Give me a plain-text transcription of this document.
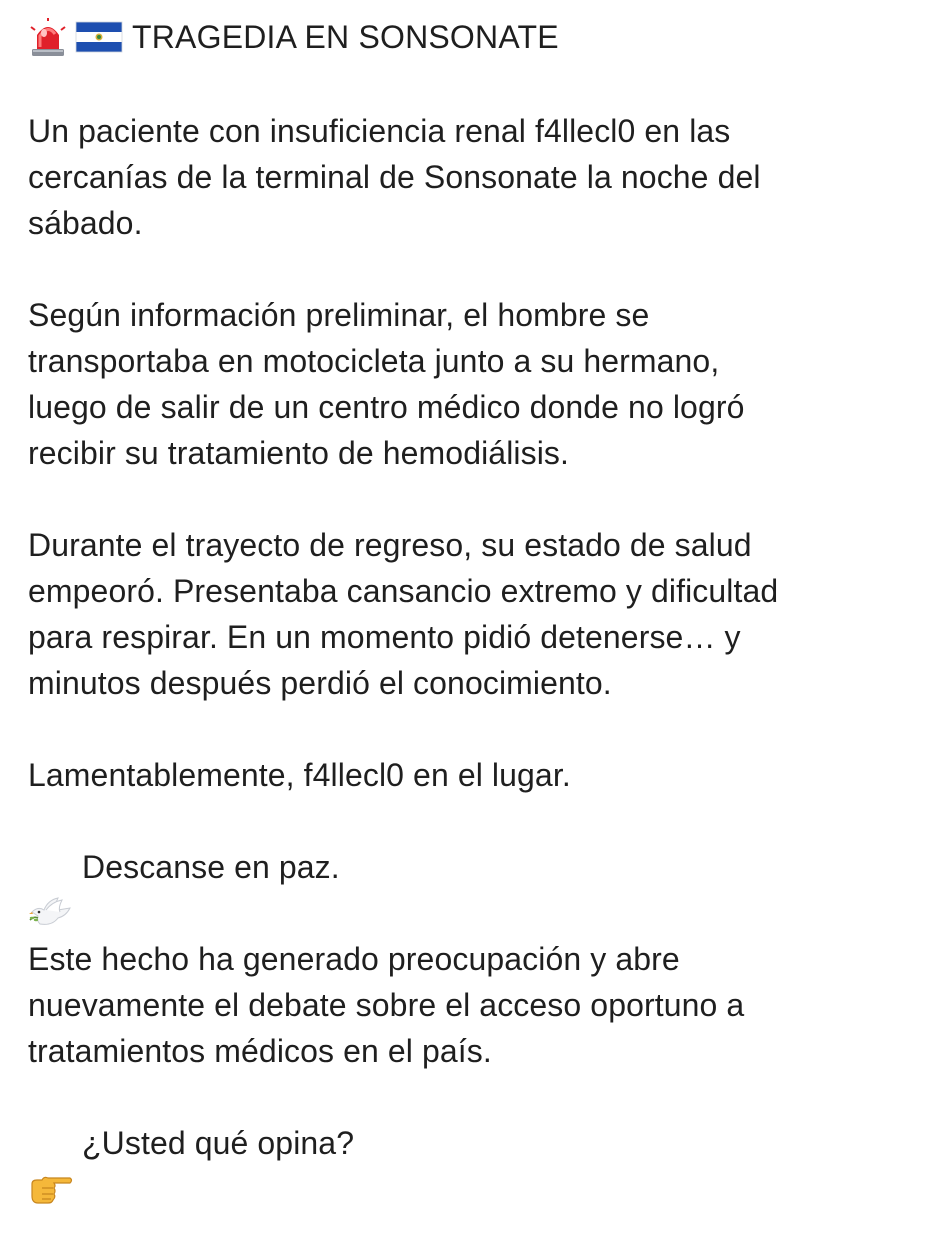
TRAGEDIA EN SONSONATE

Un paciente con insuficiencia renal f4llecl0 en las
cercanías de la terminal de Sonsonate la noche del
sábado.

Según información preliminar, el hombre se
transportaba en motocicleta junto a su hermano,
luego de salir de un centro médico donde no logró
recibir su tratamiento de hemodiálisis.

Durante el trayecto de regreso, su estado de salud
empeoró. Presentaba cansancio extremo y dificultad
para respirar. En un momento pidió detenerse… y
minutos después perdió el conocimiento.

Lamentablemente, f4llecl0 en el lugar.

Descanse en paz.

Este hecho ha generado preocupación y abre
nuevamente el debate sobre el acceso oportuno a
tratamientos médicos en el país.

¿Usted qué opina?
